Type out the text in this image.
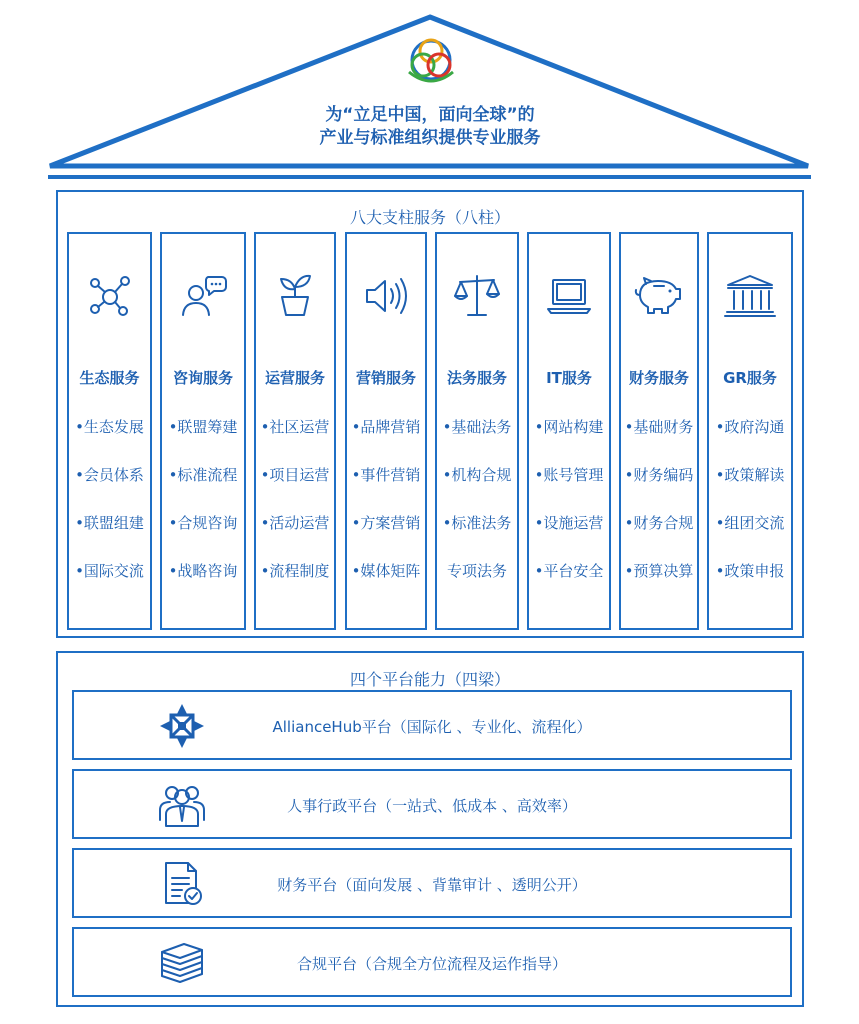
为“立足中国，面向全球”的
产业与标准组织提供专业服务
八大支柱服务（八柱）
生态服务
•生态发展
•会员体系
•联盟组建
•国际交流
咨询服务
•联盟筹建
•标准流程
•合规咨询
•战略咨询
运营服务
•社区运营
•项目运营
•活动运营
•流程制度
营销服务
•品牌营销
•事件营销
•方案营销
•媒体矩阵
法务服务
•基础法务
•机构合规
•标准法务
专项法务
IT服务
•网站构建
•账号管理
•设施运营
•平台安全
财务服务
•基础财务
•财务编码
•财务合规
•预算决算
GR服务
•政府沟通
•政策解读
•组团交流
•政策申报
四个平台能力（四梁）
AllianceHub平台（国际化 、专业化、流程化）
人事行政平台（一站式、低成本 、高效率）
财务平台（面向发展 、背靠审计 、透明公开）
合规平台（合规全方位流程及运作指导）
